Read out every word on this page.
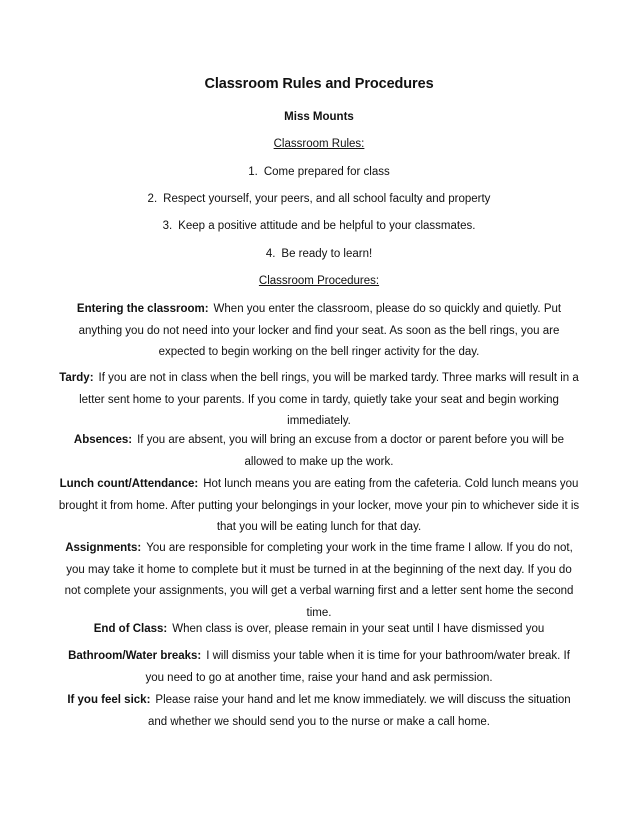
Classroom Rules and Procedures
Miss Mounts
Classroom Rules:
1. Come prepared for class
2. Respect yourself, your peers, and all school faculty and property
3. Keep a positive attitude and be helpful to your classmates.
4. Be ready to learn!
Classroom Procedures:
Entering the classroom: When you enter the classroom, please do so quickly and quietly. Put anything you do not need into your locker and find your seat. As soon as the bell rings, you are expected to begin working on the bell ringer activity for the day.
Tardy: If you are not in class when the bell rings, you will be marked tardy. Three marks will result in a letter sent home to your parents. If you come in tardy, quietly take your seat and begin working immediately.
Absences: If you are absent, you will bring an excuse from a doctor or parent before you will be allowed to make up the work.
Lunch count/Attendance: Hot lunch means you are eating from the cafeteria. Cold lunch means you brought it from home. After putting your belongings in your locker, move your pin to whichever side it is that you will be eating lunch for that day.
Assignments: You are responsible for completing your work in the time frame I allow. If you do not, you may take it home to complete but it must be turned in at the beginning of the next day. If you do not complete your assignments, you will get a verbal warning first and a letter sent home the second time.
End of Class: When class is over, please remain in your seat until I have dismissed you
Bathroom/Water breaks: I will dismiss your table when it is time for your bathroom/water break. If you need to go at another time, raise your hand and ask permission.
If you feel sick: Please raise your hand and let me know immediately. we will discuss the situation and whether we should send you to the nurse or make a call home.
